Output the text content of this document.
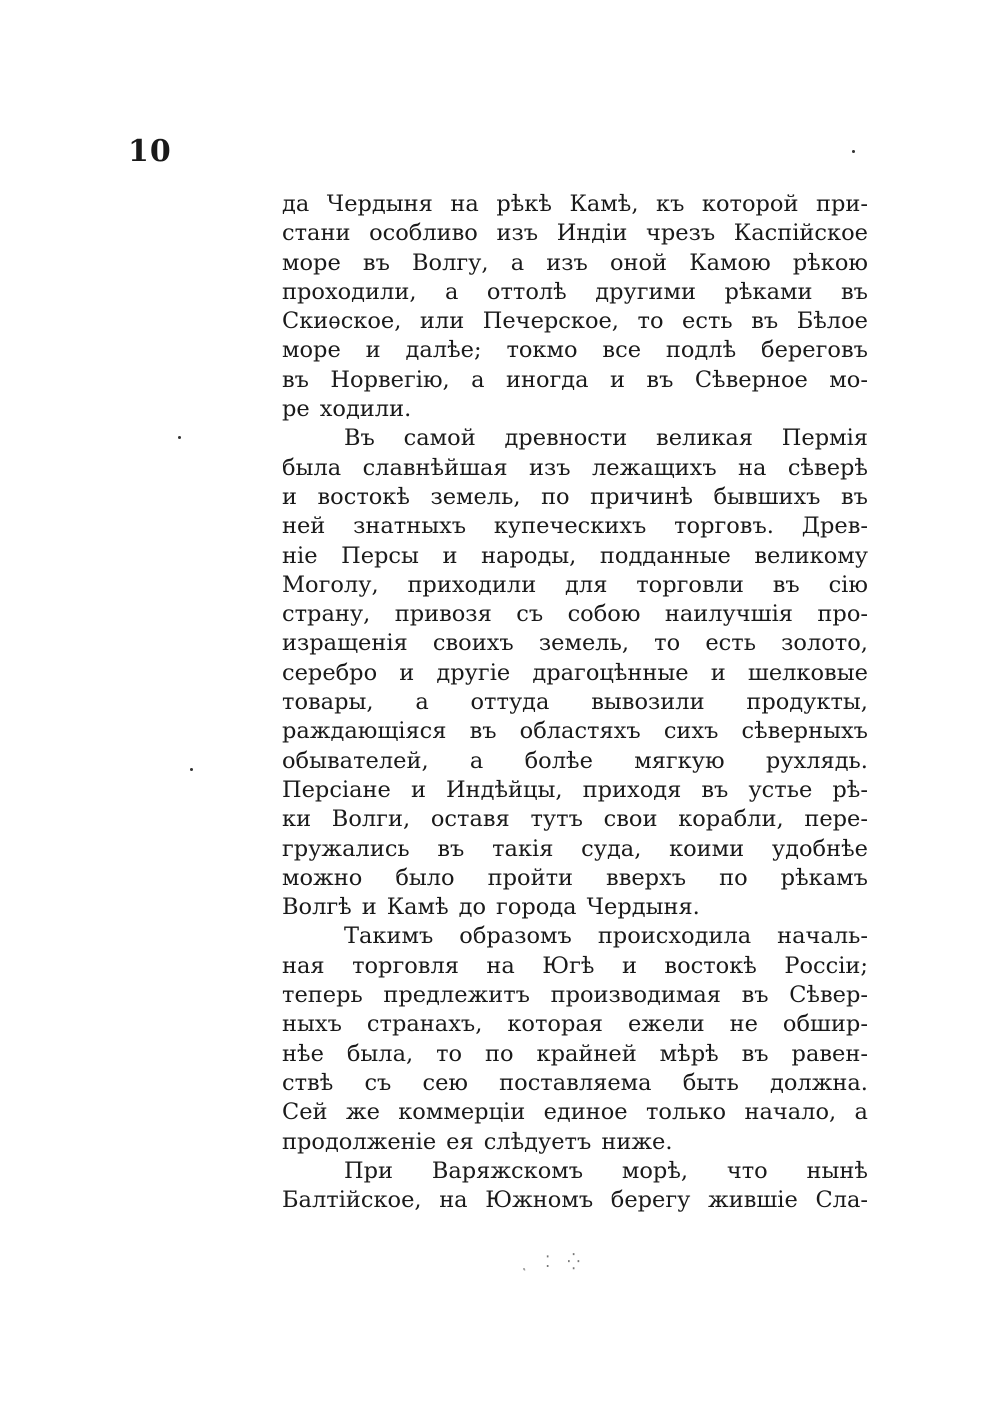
10
да Чердыня на рѣкѣ Камѣ, къ которой при-
стани особливо изъ Индіи чрезъ Каспійское
море въ Волгу, а изъ оной Камою рѣкою
проходили, а оттолѣ другими рѣками въ
Скиѳское, или Печерское, то есть въ Бѣлое
море и далѣе; токмо все подлѣ береговъ
въ Норвегію, а иногда и въ Сѣверное мо-
ре ходили.
Въ самой древности великая Пермія
была славнѣйшая изъ лежащихъ на сѣверѣ
и востокѣ земель, по причинѣ бывшихъ въ
ней знатныхъ купеческихъ торговъ. Древ-
ніе Персы и народы, подданные великому
Моголу, приходили для торговли въ сію
страну, привозя съ собою наилучшія про-
изращенія своихъ земель, то есть золото,
серебро и другіе драгоцѣнные и шелковые
товары, а оттуда вывозили продукты,
раждающіяся въ областяхъ сихъ сѣверныхъ
обывателей, а болѣе мягкую рухлядь.
Персіане и Индѣйцы, приходя въ устье рѣ-
ки Волги, оставя тутъ свои корабли, пере-
гружались въ такія суда, коими удобнѣе
можно было пройти вверхъ по рѣкамъ
Волгѣ и Камѣ до города Чердыня.
Такимъ образомъ происходила началь-
ная торговля на Югѣ и востокѣ Россіи;
теперь предлежитъ производимая въ Сѣвер-
ныхъ странахъ, которая ежели не обшир-
нѣе была, то по крайней мѣрѣ въ равен-
ствѣ съ сею поставляема быть должна.
Сей же коммерціи единое только начало, а
продолженіе ея слѣдуетъ ниже.
При Варяжскомъ морѣ, что нынѣ
Балтійское, на Южномъ берегу жившіе Сла-
ͺ ⁚ ⁛
